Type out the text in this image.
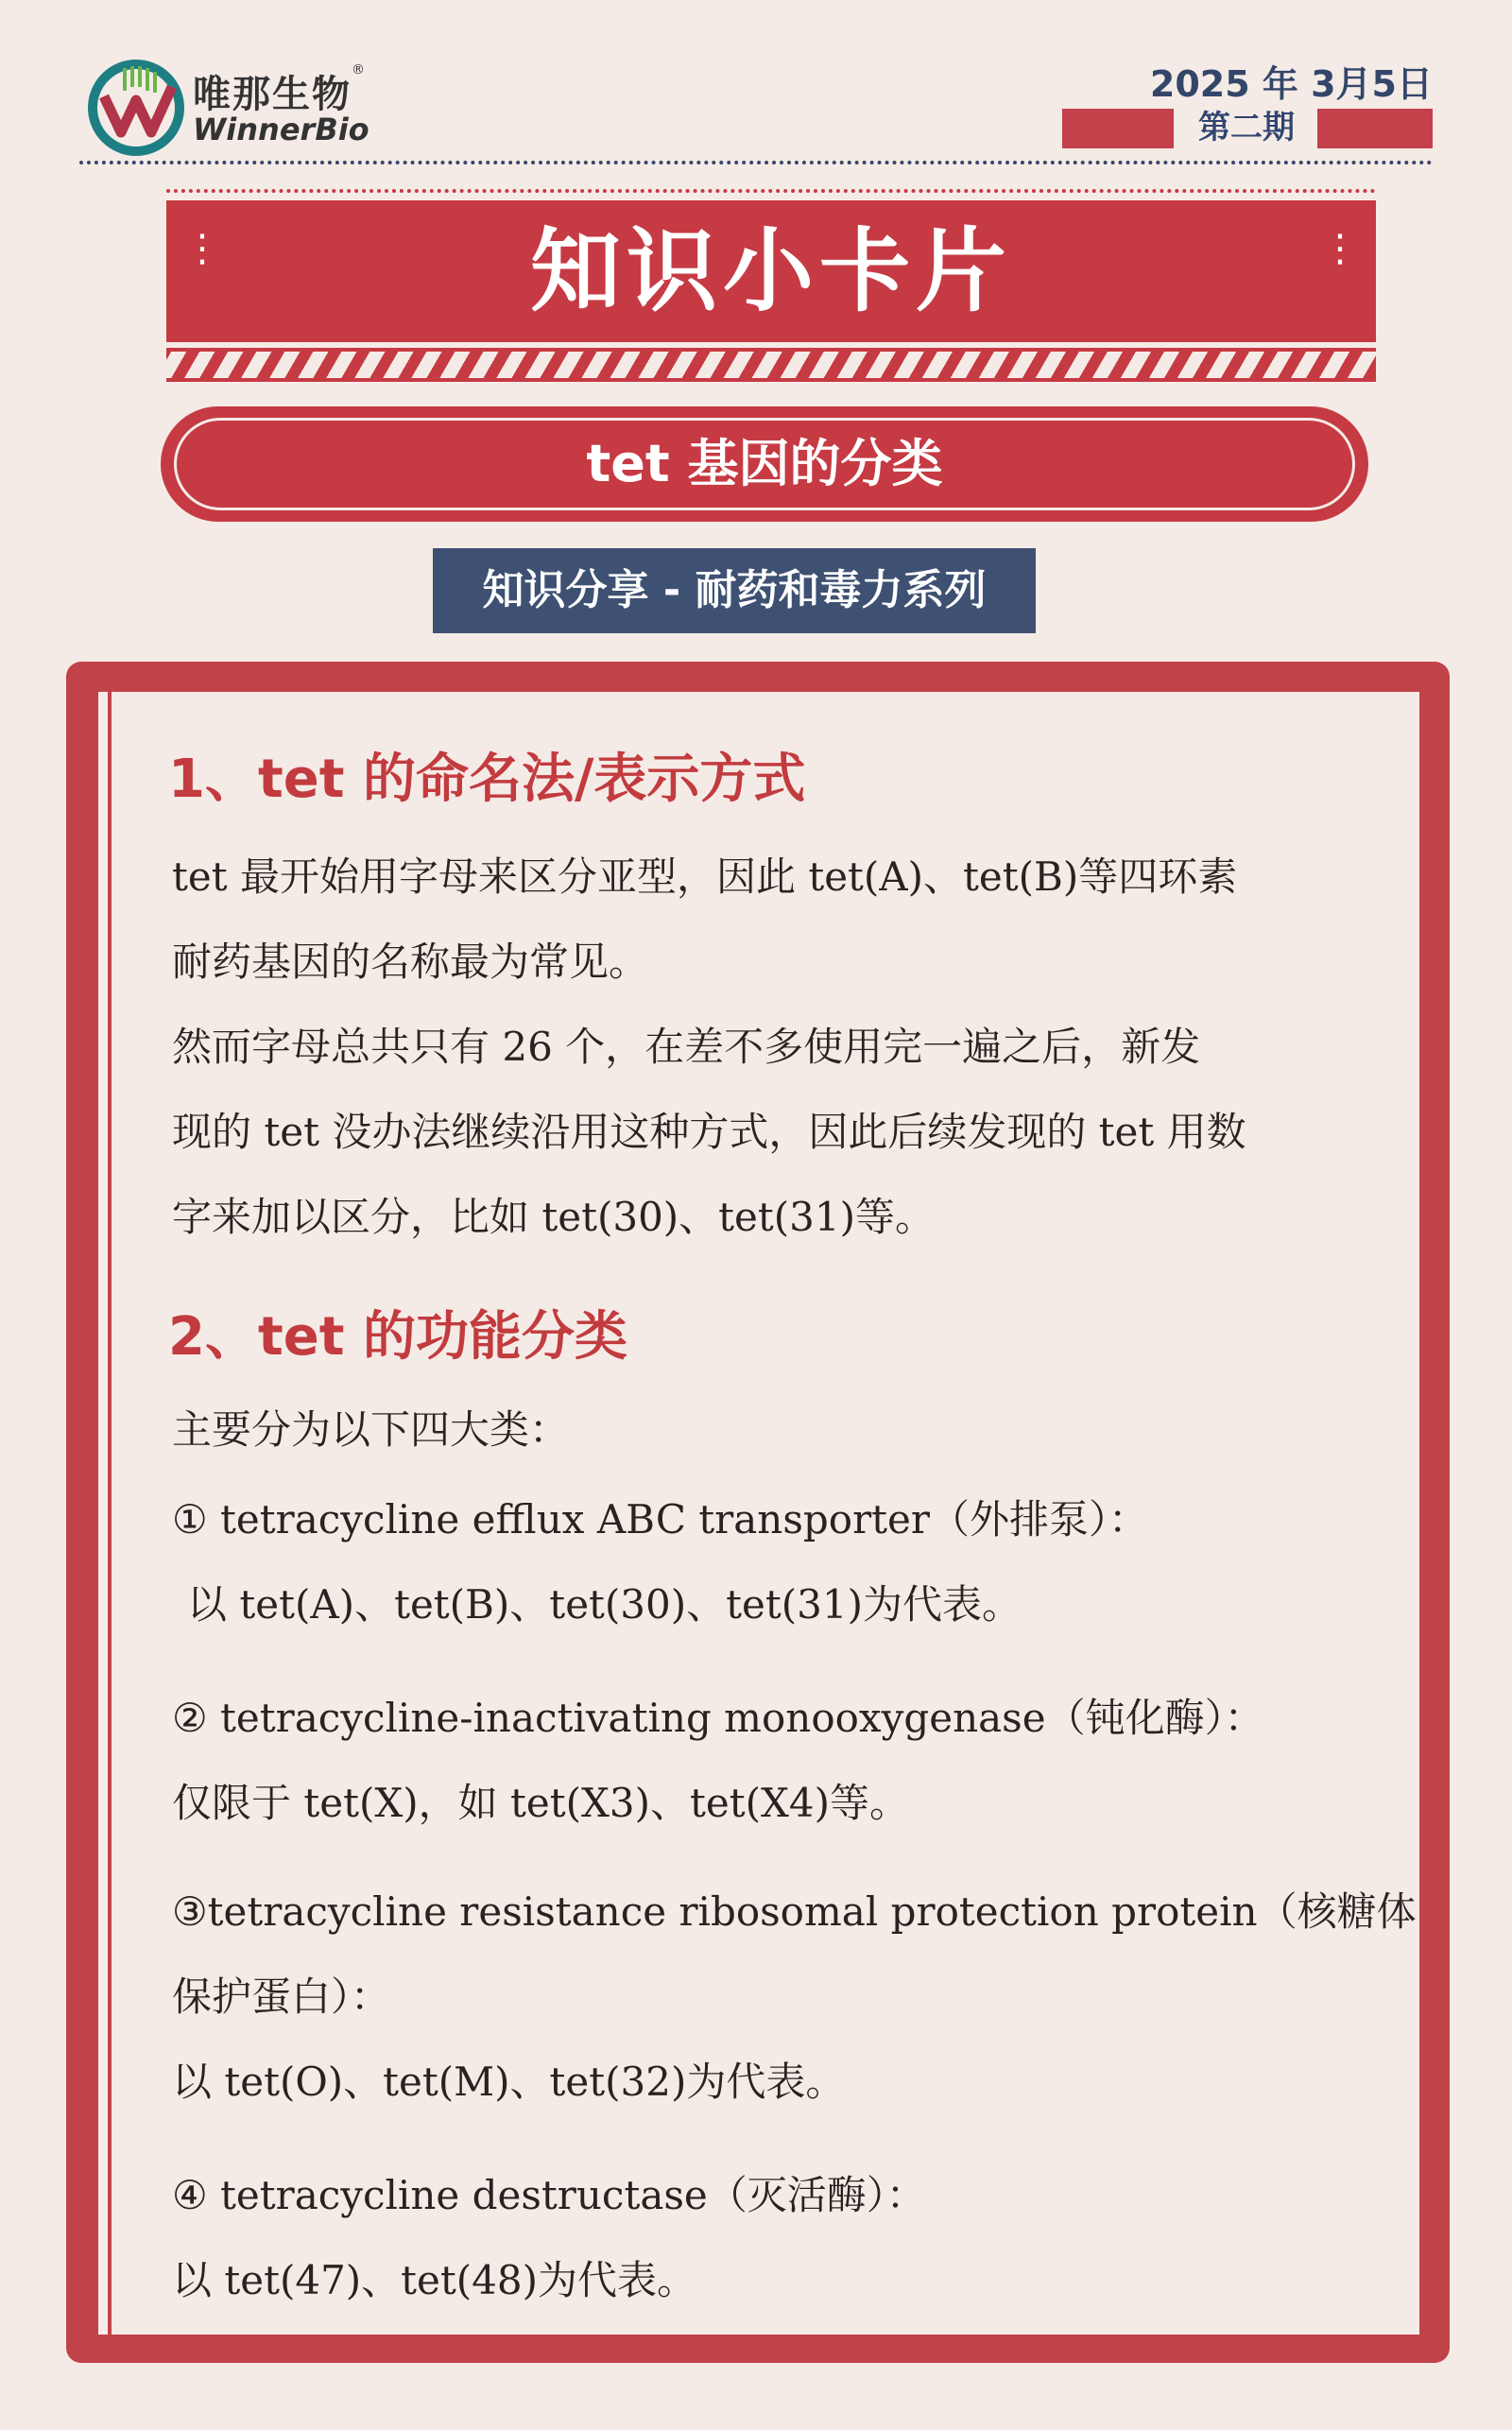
唯那生物
®
WinnerBio
2025 年 3月5日
第二期
⋮	⋮
知识小卡片
tet 基因的分类
知识分享 - 耐药和毒力系列
1、tet 的命名法/表示方式
tet 最开始用字母来区分亚型，因此 tet(A)、tet(B)等四环素
耐药基因的名称最为常见。
然而字母总共只有 26 个，在差不多使用完一遍之后，新发
现的 tet 没办法继续沿用这种方式，因此后续发现的 tet 用数
字来加以区分，比如 tet(30)、tet(31)等。
2、tet 的功能分类
主要分为以下四大类：
① tetracycline efflux ABC transporter（外排泵）：
以 tet(A)、tet(B)、tet(30)、tet(31)为代表。
② tetracycline-inactivating monooxygenase（钝化酶）：
仅限于 tet(X)，如 tet(X3)、tet(X4)等。
③tetracycline resistance ribosomal protection protein（核糖体
保护蛋白）：
以 tet(O)、tet(M)、tet(32)为代表。
④ tetracycline destructase（灭活酶）：
以 tet(47)、tet(48)为代表。
